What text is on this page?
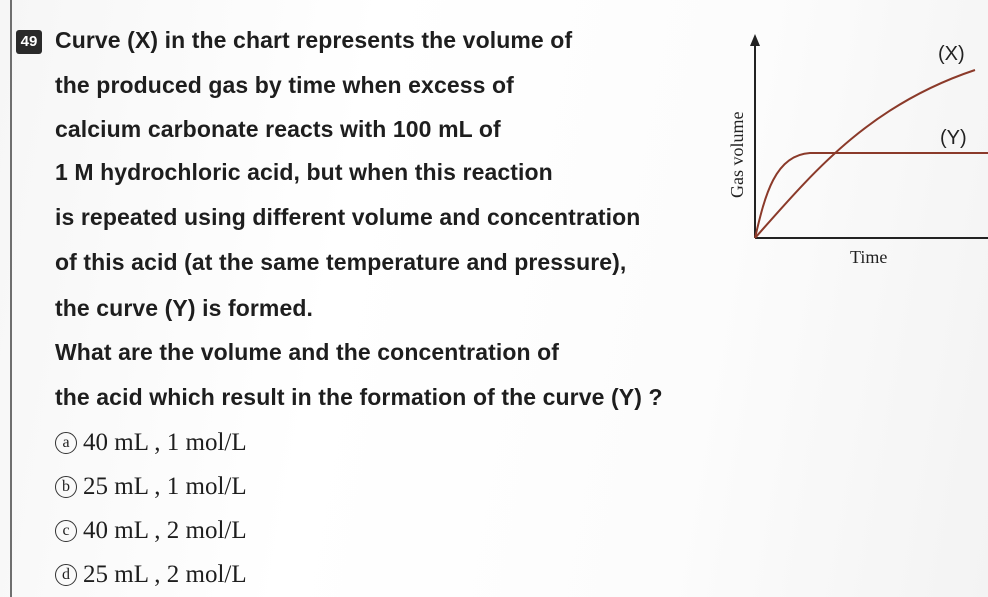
49 Curve (X) in the chart represents the volume of
the produced gas by time when excess of
calcium carbonate reacts with 100 mL of
1 M hydrochloric acid, but when this reaction
is repeated using different volume and concentration
of this acid (at the same temperature and pressure),
the curve (Y) is formed.
What are the volume and the concentration of
the acid which result in the formation of the curve (Y) ?
a 40 mL , 1 mol/L
b 25 mL , 1 mol/L
c 40 mL , 2 mol/L
d 25 mL , 2 mol/L
(X)
(Y)
Gas volume
Time
